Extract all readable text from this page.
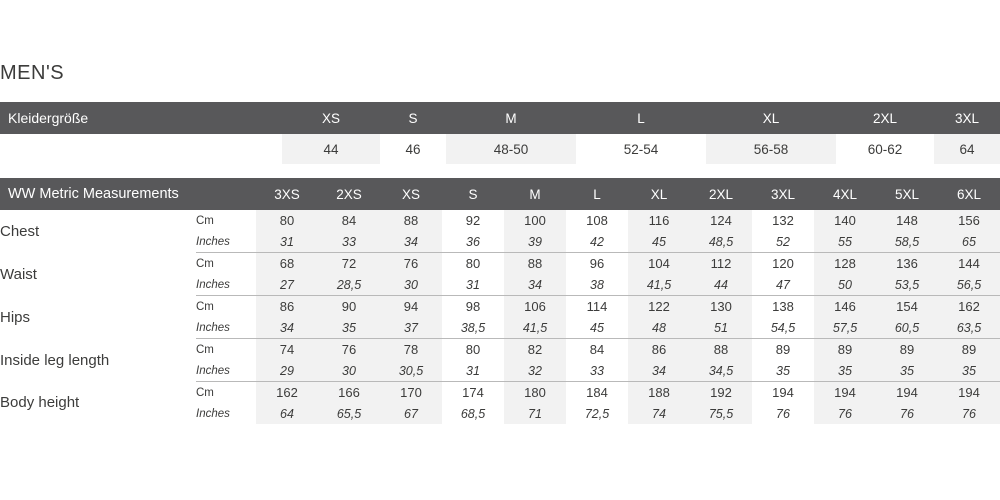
MEN'S
Kleidergröße	XS	S	M	L	XL	2XL	3XL
	44	46	48-50	52-54	56-58	60-62	64
WW Metric Measurements		3XS	2XS	XS	S	M	L	XL	2XL	3XL	4XL	5XL	6XL
Chest	Cm	80	84	88	92	100	108	116	124	132	140	148	156
	Inches	31	33	34	36	39	42	45	48,5	52	55	58,5	65
Waist	Cm	68	72	76	80	88	96	104	112	120	128	136	144
	Inches	27	28,5	30	31	34	38	41,5	44	47	50	53,5	56,5
Hips	Cm	86	90	94	98	106	114	122	130	138	146	154	162
	Inches	34	35	37	38,5	41,5	45	48	51	54,5	57,5	60,5	63,5
Inside leg length	Cm	74	76	78	80	82	84	86	88	89	89	89	89
	Inches	29	30	30,5	31	32	33	34	34,5	35	35	35	35
Body height	Cm	162	166	170	174	180	184	188	192	194	194	194	194
	Inches	64	65,5	67	68,5	71	72,5	74	75,5	76	76	76	76
